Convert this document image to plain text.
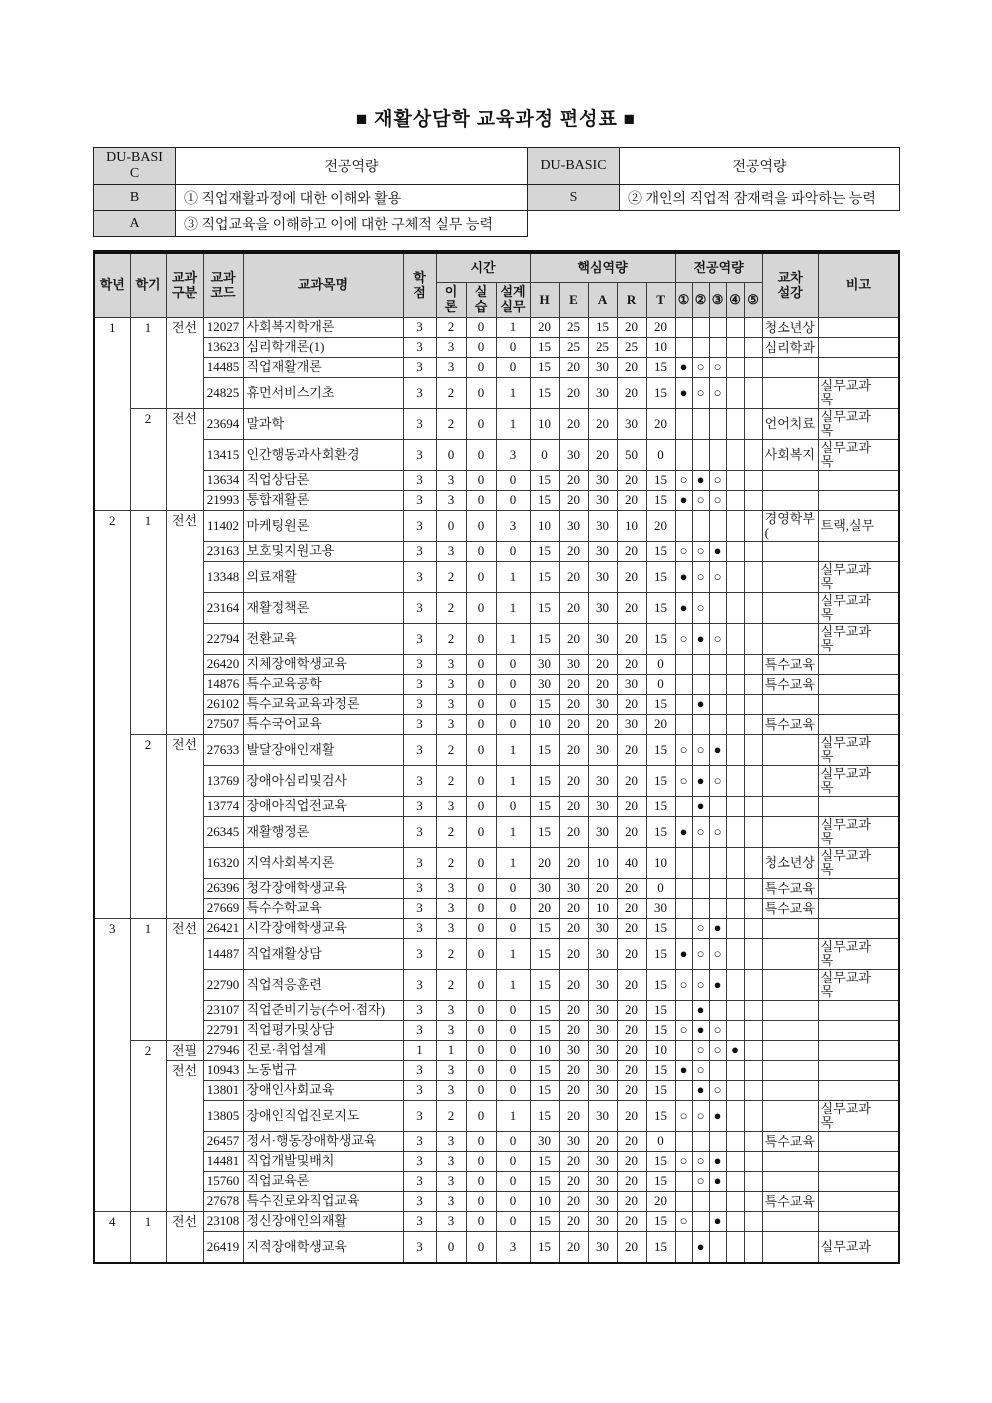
■ 재활상담학 교육과정 편성표 ■
DU-BASIC	전공역량	DU-BASIC	전공역량
B	① 직업재활과정에 대한 이해와 활용	S	② 개인의 직업적 잠재력을 파악하는 능력
A	③ 직업교육을 이해하고 이에 대한 구체적 실무 능력		
학년	학기	교과구분	교과코드	교과목명	학점	시간			핵심역량					전공역량					교차설강	비고
						이론	실습	설계실무	H	E	A	R	T	①	②	③	④	⑤		
1	1	전선	12027	사회복지학개론	3	2	0	1	20	25	15	20	20						청소년상	
			13623	심리학개론(1)	3	3	0	0	15	25	25	25	10						심리학과	
			14485	직업재활개론	3	3	0	0	15	20	30	20	15	●	○	○				
			24825	휴먼서비스기초	3	2	0	1	15	20	30	20	15	●	○	○				실무교과목
	2	전선	23694	말과학	3	2	0	1	10	20	20	30	20						언어치료	실무교과목
			13415	인간행동과사회환경	3	0	0	3	0	30	20	50	0						사회복지	실무교과목
			13634	직업상담론	3	3	0	0	15	20	30	20	15	○	●	○				
			21993	통합재활론	3	3	0	0	15	20	30	20	15	●	○	○				
2	1	전선	11402	마케팅원론	3	0	0	3	10	30	30	10	20						경영학부(	트랙,실무
			23163	보호및지원고용	3	3	0	0	15	20	30	20	15	○	○	●				
			13348	의료재활	3	2	0	1	15	20	30	20	15	●	○	○				실무교과목
			23164	재활정책론	3	2	0	1	15	20	30	20	15	●	○					실무교과목
			22794	전환교육	3	2	0	1	15	20	30	20	15	○	●	○				실무교과목
			26420	지체장애학생교육	3	3	0	0	30	30	20	20	0						특수교육	
			14876	특수교육공학	3	3	0	0	30	20	20	30	0						특수교육	
			26102	특수교육교육과정론	3	3	0	0	15	20	30	20	15		●					
			27507	특수국어교육	3	3	0	0	10	20	20	30	20						특수교육	
	2	전선	27633	발달장애인재활	3	2	0	1	15	20	30	20	15	○	○	●				실무교과목
			13769	장애아심리및검사	3	2	0	1	15	20	30	20	15	○	●	○				실무교과목
			13774	장애아직업전교육	3	3	0	0	15	20	30	20	15		●					
			26345	재활행정론	3	2	0	1	15	20	30	20	15	●	○	○				실무교과목
			16320	지역사회복지론	3	2	0	1	20	20	10	40	10						청소년상	실무교과목
			26396	청각장애학생교육	3	3	0	0	30	30	20	20	0						특수교육	
			27669	특수수학교육	3	3	0	0	20	20	10	20	30						특수교육	
3	1	전선	26421	시각장애학생교육	3	3	0	0	15	20	30	20	15		○	●				
			14487	직업재활상담	3	2	0	1	15	20	30	20	15	●	○	○				실무교과목
			22790	직업적응훈련	3	2	0	1	15	20	30	20	15	○	○	●				실무교과목
			23107	직업준비기능(수어·점자)	3	3	0	0	15	20	30	20	15		●					
			22791	직업평가및상담	3	3	0	0	15	20	30	20	15	○	●	○				
	2	전필	27946	진로·취업설계	1	1	0	0	10	30	30	20	10		○	○	●			
		전선	10943	노동법규	3	3	0	0	15	20	30	20	15	●	○					
			13801	장애인사회교육	3	3	0	0	15	20	30	20	15		●	○				
			13805	장애인직업진로지도	3	2	0	1	15	20	30	20	15	○	○	●				실무교과목
			26457	정서·행동장애학생교육	3	3	0	0	30	30	20	20	0						특수교육	
			14481	직업개발및배치	3	3	0	0	15	20	30	20	15	○	○	●				
			15760	직업교육론	3	3	0	0	15	20	30	20	15		○	●				
			27678	특수진로와직업교육	3	3	0	0	10	20	30	20	20						특수교육	
4	1	전선	23108	정신장애인의재활	3	3	0	0	15	20	30	20	15	○		●				
			26419	지적장애학생교육	3	0	0	3	15	20	30	20	15		●					실무교과
